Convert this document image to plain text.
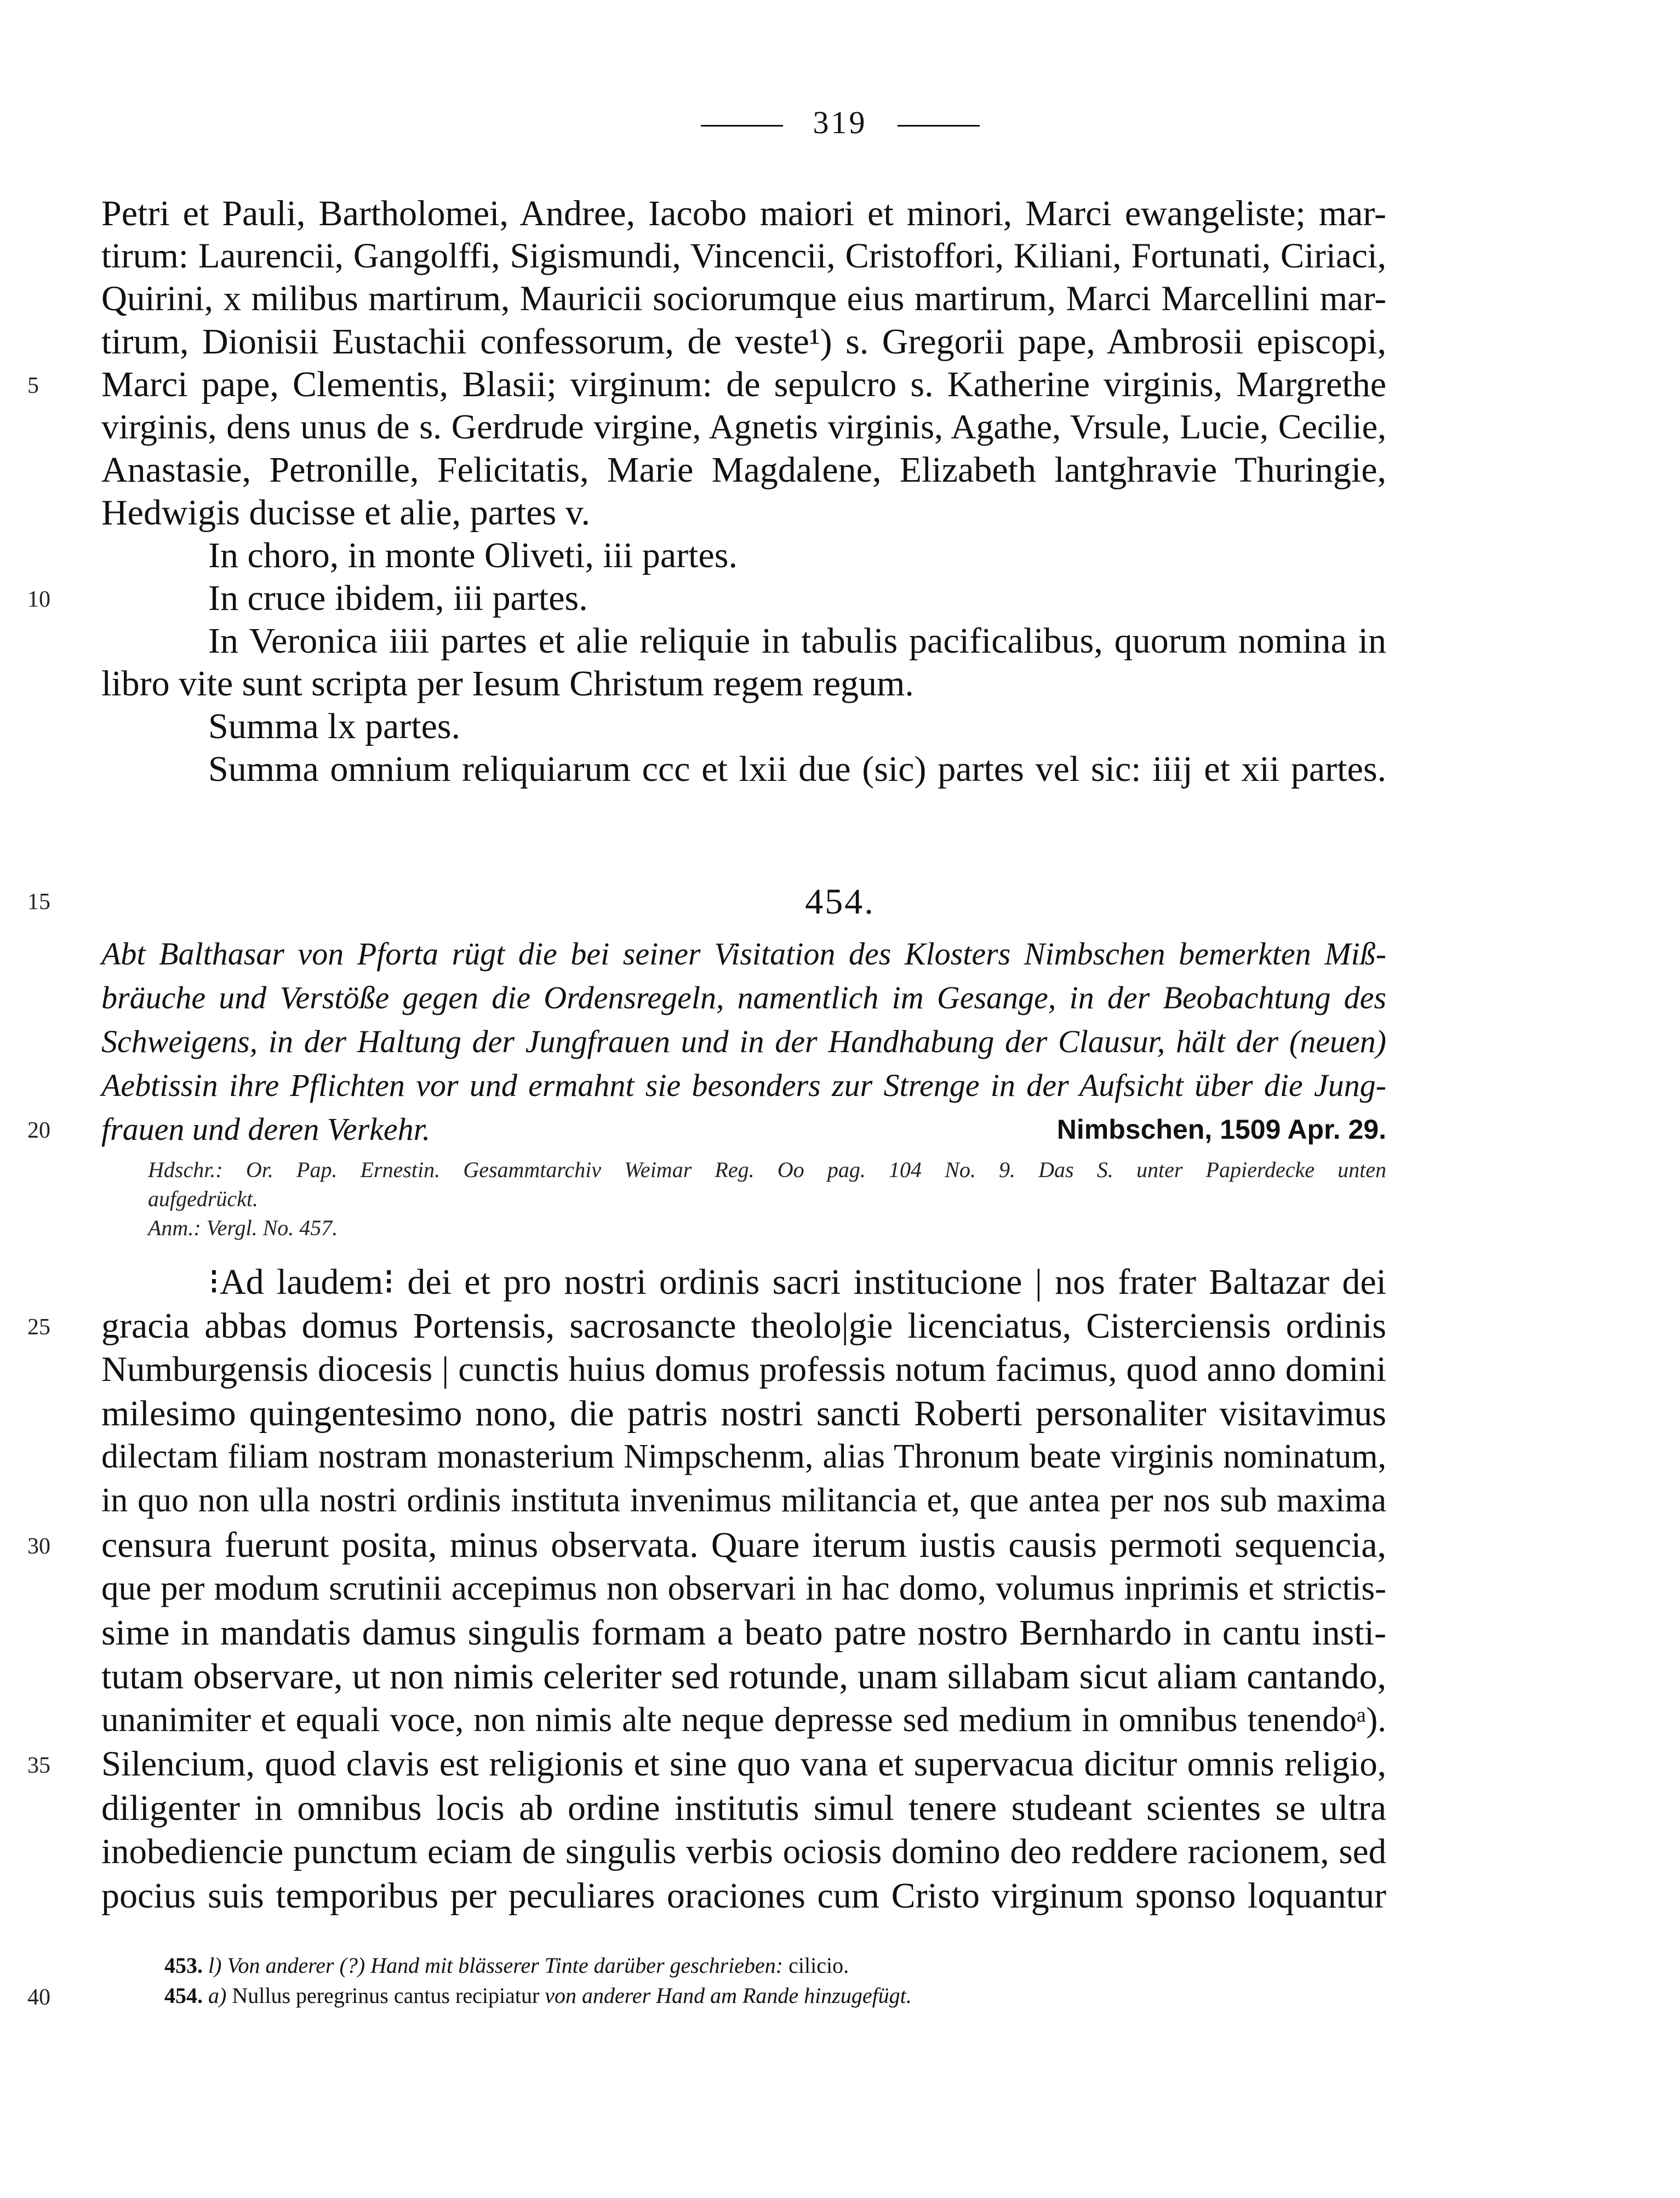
319
Petri et Pauli, Bartholomei, Andree, Iacobo maiori et minori, Marci ewangeliste; mar-
tirum: Laurencii, Gangolffi, Sigismundi, Vincencii, Cristoffori, Kiliani, Fortunati, Ciriaci,
Quirini, x milibus martirum, Mauricii sociorumque eius martirum, Marci Marcellini mar-
tirum, Dionisii Eustachii confessorum, de veste¹) s. Gregorii pape, Ambrosii episcopi,
Marci pape, Clementis, Blasii; virginum: de sepulcro s. Katherine virginis, Margrethe
virginis, dens unus de s. Gerdrude virgine, Agnetis virginis, Agathe, Vrsule, Lucie, Cecilie,
Anastasie, Petronille, Felicitatis, Marie Magdalene, Elizabeth lantghravie Thuringie,
Hedwigis ducisse et alie, partes v.
In choro, in monte Oliveti, iii partes.
In cruce ibidem, iii partes.
In Veronica iiii partes et alie reliquie in tabulis pacificalibus, quorum nomina in
libro vite sunt scripta per Iesum Christum regem regum.
Summa lx partes.
Summa omnium reliquiarum ccc et lxii due (sic) partes vel sic: iiij et xii partes.
454.
Abt Balthasar von Pforta rügt die bei seiner Visitation des Klosters Nimbschen bemerkten Miß-
bräuche und Verstöße gegen die Ordensregeln, namentlich im Gesange, in der Beobachtung des
Schweigens, in der Haltung der Jungfrauen und in der Handhabung der Clausur, hält der (neuen)
Aebtissin ihre Pflichten vor und ermahnt sie besonders zur Strenge in der Aufsicht über die Jung-
frauen und deren Verkehr.	Nimbschen, 1509 Apr. 29.
Hdschr.: Or. Pap. Ernestin. Gesammtarchiv Weimar Reg. Oo pag. 104 No. 9. Das S. unter Papierdecke unten
aufgedrückt.
Anm.: Vergl. No. 457.
⁝Ad laudem⁝ dei et pro nostri ordinis sacri institucione | nos frater Baltazar dei
gracia abbas domus Portensis, sacrosancte theolo|gie licenciatus, Cisterciensis ordinis
Numburgensis diocesis | cunctis huius domus professis notum facimus, quod anno domini
milesimo quingentesimo nono, die patris nostri sancti Roberti personaliter visitavimus
dilectam filiam nostram monasterium Nimpschenm, alias Thronum beate virginis nominatum,
in quo non ulla nostri ordinis instituta invenimus militancia et, que antea per nos sub maxima
censura fuerunt posita, minus observata. Quare iterum iustis causis permoti sequencia,
que per modum scrutinii accepimus non observari in hac domo, volumus inprimis et strictis-
sime in mandatis damus singulis formam a beato patre nostro Bernhardo in cantu insti-
tutam observare, ut non nimis celeriter sed rotunde, unam sillabam sicut aliam cantando,
unanimiter et equali voce, non nimis alte neque depresse sed medium in omnibus tenendoᵃ).
Silencium, quod clavis est religionis et sine quo vana et supervacua dicitur omnis religio,
diligenter in omnibus locis ab ordine institutis simul tenere studeant scientes se ultra
inobediencie punctum eciam de singulis verbis ociosis domino deo reddere racionem, sed
pocius suis temporibus per peculiares oraciones cum Cristo virginum sponso loquantur
453. l) Von anderer (?) Hand mit blässerer Tinte darüber geschrieben: cilicio.
454. a) Nullus peregrinus cantus recipiatur von anderer Hand am Rande hinzugefügt.
5
10
15
20
25
30
35
40
